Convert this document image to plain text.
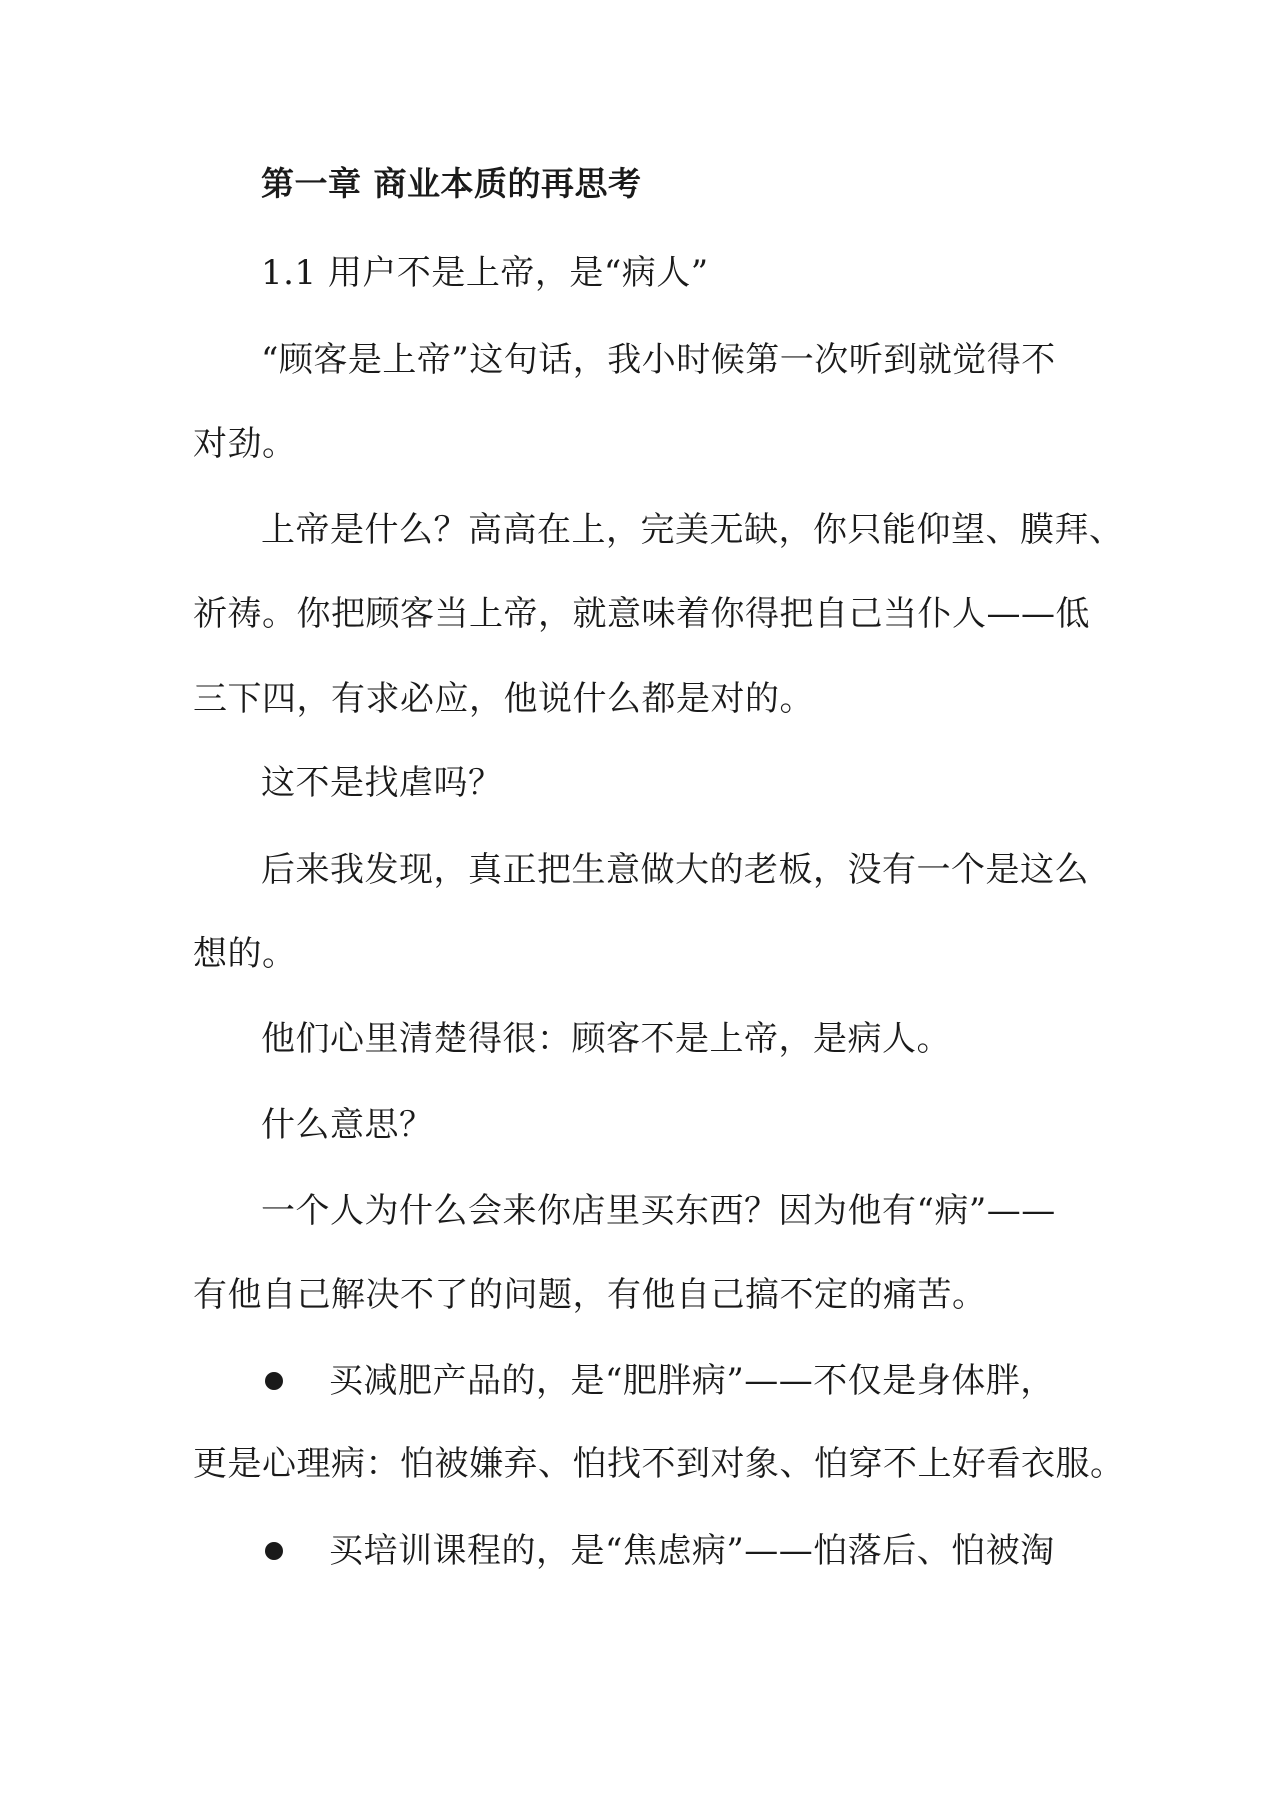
第一章 商业本质的再思考
1.1 用户不是上帝，是“病人”
“顾客是上帝”这句话，我小时候第一次听到就觉得不
对劲。
上帝是什么？高高在上，完美无缺，你只能仰望、膜拜、
祈祷。你把顾客当上帝，就意味着你得把自己当仆人——低
三下四，有求必应，他说什么都是对的。
这不是找虐吗？
后来我发现，真正把生意做大的老板，没有一个是这么
想的。
他们心里清楚得很：顾客不是上帝，是病人。
什么意思？
一个人为什么会来你店里买东西？因为他有“病”——
有他自己解决不了的问题，有他自己搞不定的痛苦。
买减肥产品的，是“肥胖病”——不仅是身体胖，
更是心理病：怕被嫌弃、怕找不到对象、怕穿不上好看衣服。
买培训课程的，是“焦虑病”——怕落后、怕被淘
